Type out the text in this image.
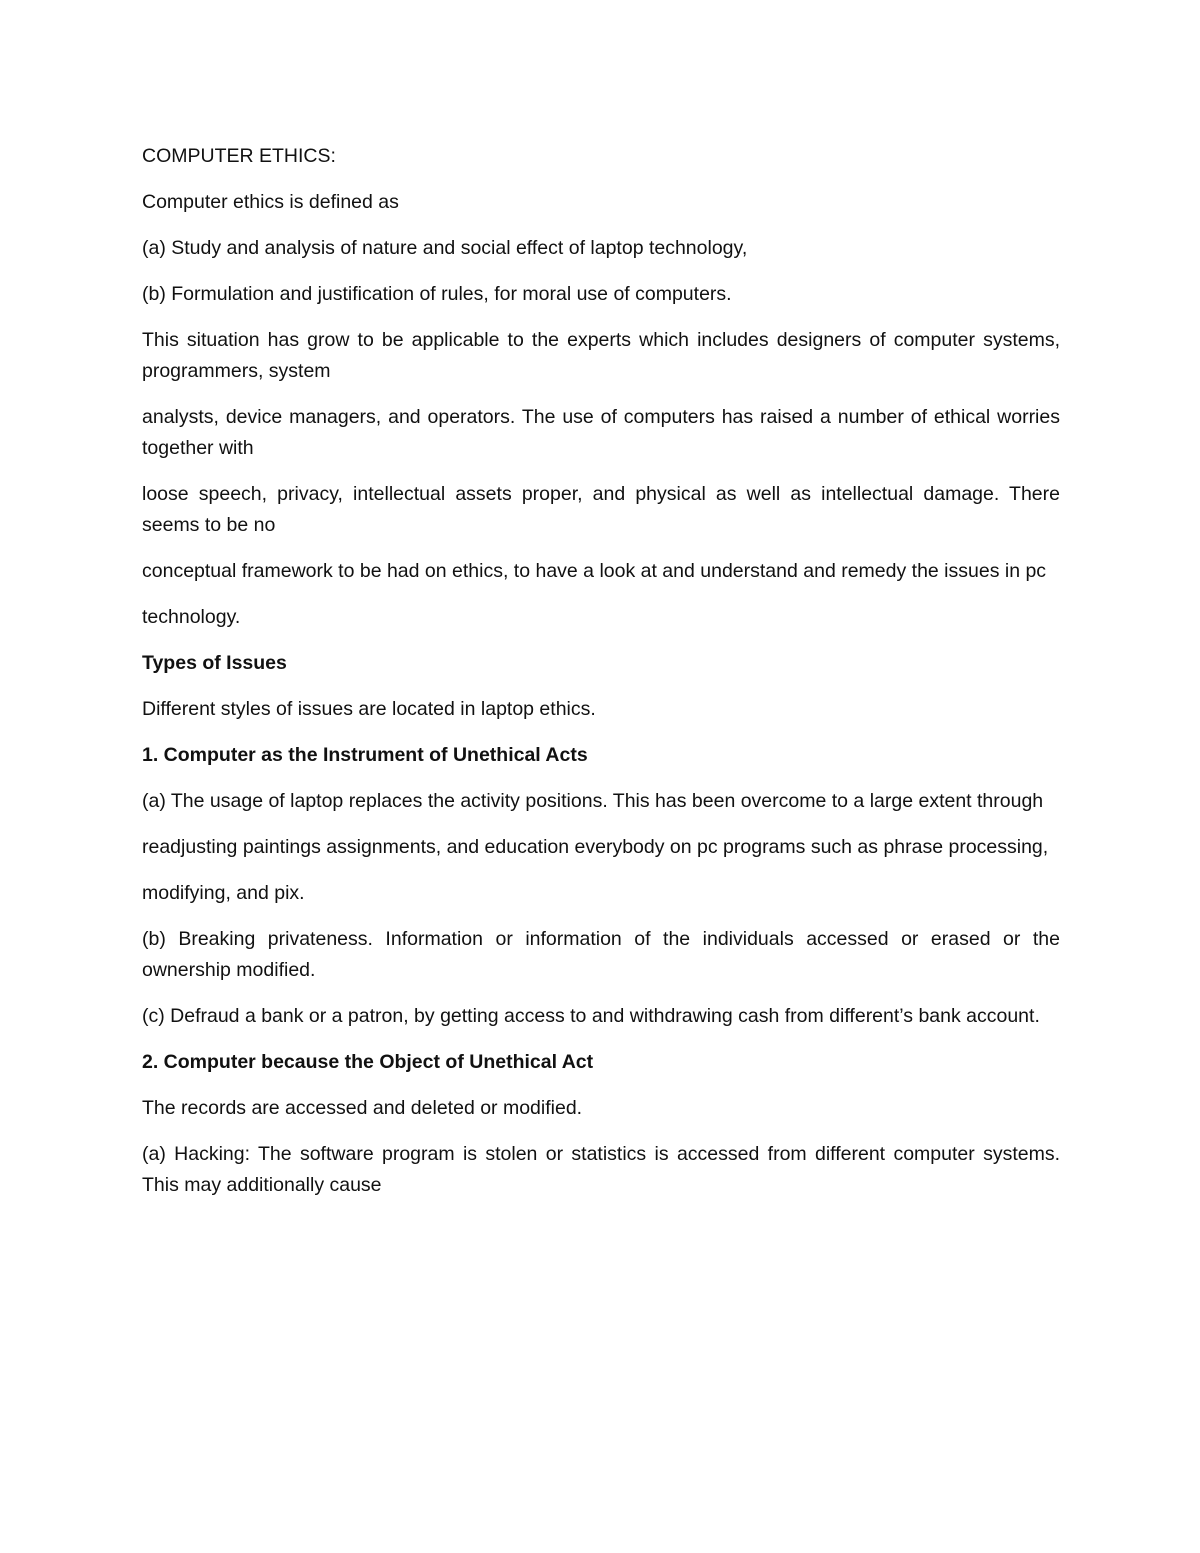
COMPUTER ETHICS:

Computer ethics is defined as

(a) Study and analysis of nature and social effect of laptop technology,

(b) Formulation and justification of rules, for moral use of computers.

This situation has grow to be applicable to the experts which includes designers of computer systems, programmers, system

analysts, device managers, and operators. The use of computers has raised a number of ethical worries together with

loose speech, privacy, intellectual assets proper, and physical as well as intellectual damage. There seems to be no

conceptual framework to be had on ethics, to have a look at and understand and remedy the issues in pc

technology.

Types of Issues

Different styles of issues are located in laptop ethics.

1. Computer as the Instrument of Unethical Acts

(a) The usage of laptop replaces the activity positions. This has been overcome to a large extent through

readjusting paintings assignments, and education everybody on pc programs such as phrase processing,

modifying, and pix.

(b) Breaking privateness. Information or information of the individuals accessed or erased or the ownership modified.

(c) Defraud a bank or a patron, by getting access to and withdrawing cash from different’s bank account.

2. Computer because the Object of Unethical Act

The records are accessed and deleted or modified.

(a) Hacking: The software program is stolen or statistics is accessed from different computer systems. This may additionally cause
